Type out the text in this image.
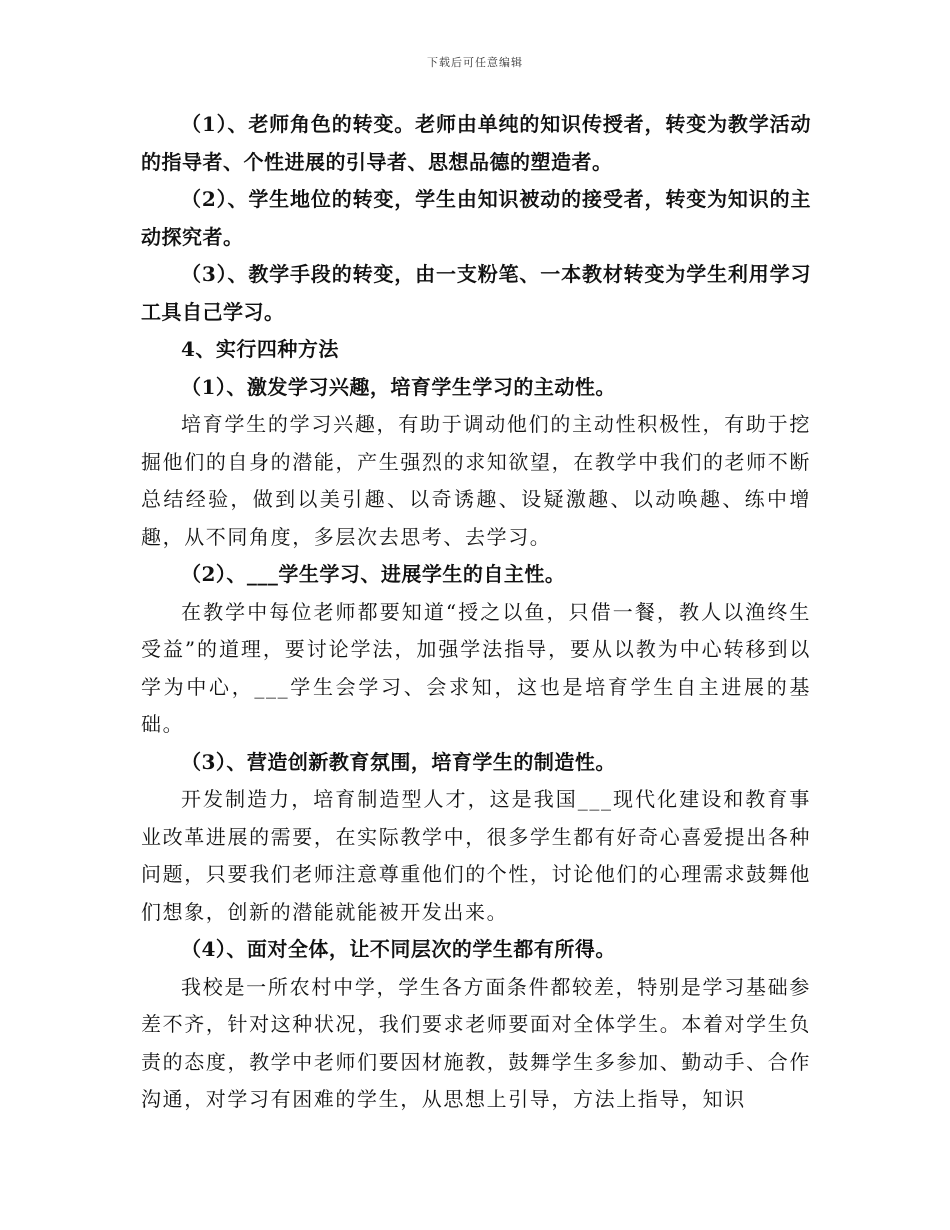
下载后可任意编辑

（1）、老师角色的转变。老师由单纯的知识传授者，转变为教学活动的指导者、个性进展的引导者、思想品德的塑造者。

（2）、学生地位的转变，学生由知识被动的接受者，转变为知识的主动探究者。

（3）、教学手段的转变，由一支粉笔、一本教材转变为学生利用学习工具自己学习。

4、实行四种方法

（1）、激发学习兴趣，培育学生学习的主动性。

培育学生的学习兴趣，有助于调动他们的主动性积极性，有助于挖掘他们的自身的潜能，产生强烈的求知欲望，在教学中我们的老师不断总结经验，做到以美引趣、以奇诱趣、设疑激趣、以动唤趣、练中增趣，从不同角度，多层次去思考、去学习。

（2）、___学生学习、进展学生的自主性。

在教学中每位老师都要知道“授之以鱼，只借一餐，教人以渔终生受益”的道理，要讨论学法，加强学法指导，要从以教为中心转移到以学为中心，___学生会学习、会求知，这也是培育学生自主进展的基础。

（3）、营造创新教育氛围，培育学生的制造性。

开发制造力，培育制造型人才，这是我国___现代化建设和教育事业改革进展的需要，在实际教学中，很多学生都有好奇心喜爱提出各种问题，只要我们老师注意尊重他们的个性，讨论他们的心理需求鼓舞他们想象，创新的潜能就能被开发出来。

（4）、面对全体，让不同层次的学生都有所得。

我校是一所农村中学，学生各方面条件都较差，特别是学习基础参差不齐，针对这种状况，我们要求老师要面对全体学生。本着对学生负责的态度，教学中老师们要因材施教，鼓舞学生多参加、勤动手、合作沟通，对学习有困难的学生，从思想上引导，方法上指导，知识
